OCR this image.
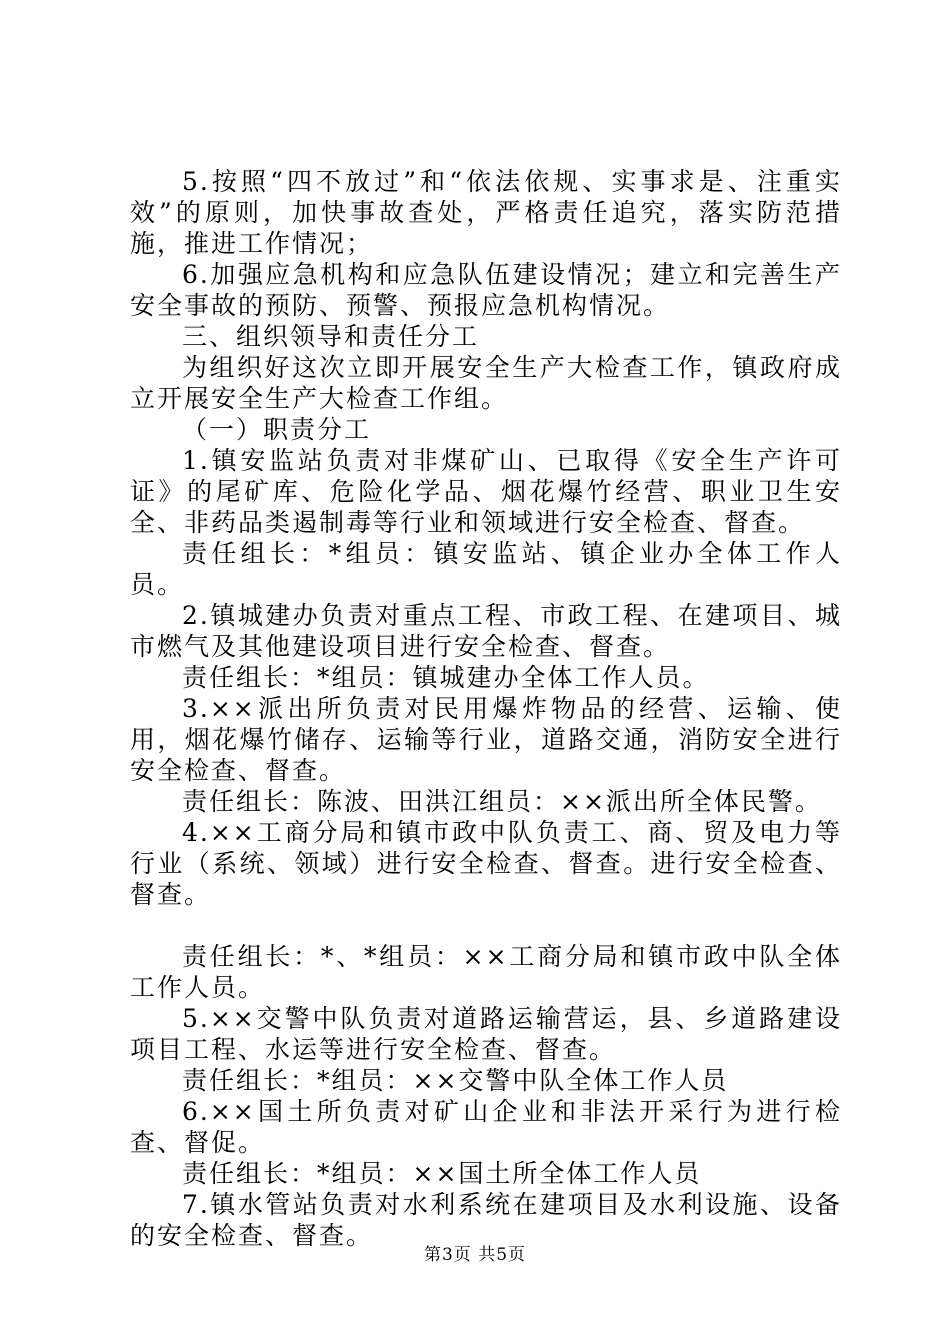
5.按照“四不放过”和“依法依规、实事求是、注重实效”的原则，加快事故查处，严格责任追究，落实防范措施，推进工作情况；

6.加强应急机构和应急队伍建设情况；建立和完善生产安全事故的预防、预警、预报应急机构情况。

三、组织领导和责任分工

为组织好这次立即开展安全生产大检查工作，镇政府成立开展安全生产大检查工作组。

（一）职责分工

1.镇安监站负责对非煤矿山、已取得《安全生产许可证》的尾矿库、危险化学品、烟花爆竹经营、职业卫生安全、非药品类遏制毒等行业和领域进行安全检查、督查。

责任组长：*组员：镇安监站、镇企业办全体工作人员。

2.镇城建办负责对重点工程、市政工程、在建项目、城市燃气及其他建设项目进行安全检查、督查。

责任组长：*组员：镇城建办全体工作人员。

3.××派出所负责对民用爆炸物品的经营、运输、使用，烟花爆竹储存、运输等行业，道路交通，消防安全进行安全检查、督查。

责任组长：陈波、田洪江组员：××派出所全体民警。

4.××工商分局和镇市政中队负责工、商、贸及电力等行业（系统、领域）进行安全检查、督查。进行安全检查、督查。

责任组长：*、*组员：××工商分局和镇市政中队全体工作人员。

5.××交警中队负责对道路运输营运，县、乡道路建设项目工程、水运等进行安全检查、督查。

责任组长：*组员：××交警中队全体工作人员

6.××国土所负责对矿山企业和非法开采行为进行检查、督促。

责任组长：*组员：××国土所全体工作人员

7.镇水管站负责对水利系统在建项目及水利设施、设备的安全检查、督查。

第3页 共5页
